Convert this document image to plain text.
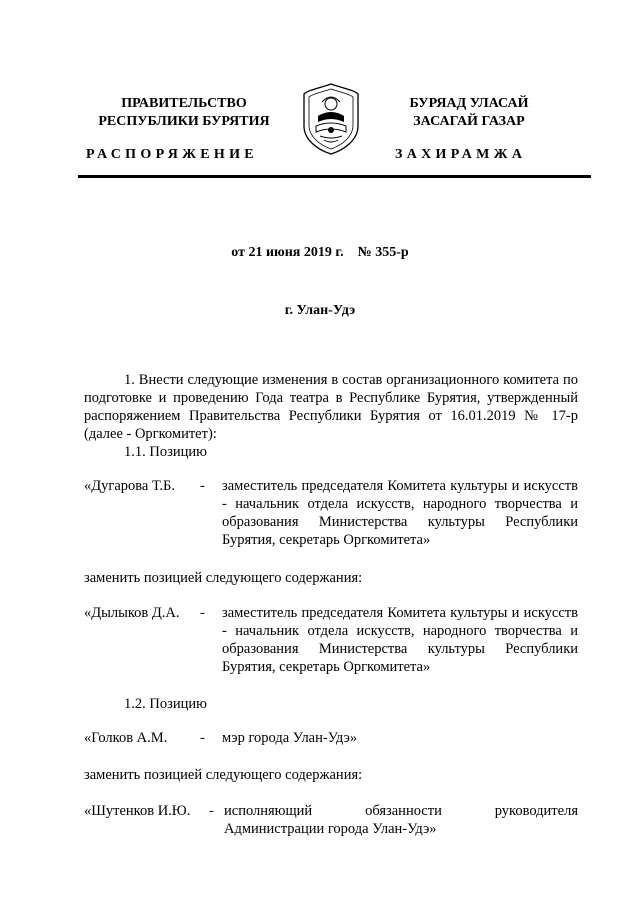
ПРАВИТЕЛЬСТВО
РЕСПУБЛИКИ БУРЯТИЯ
БУРЯАД УЛАСАЙ
ЗАСАГАЙ ГАЗАР
РАСПОРЯЖЕНИЕ	ЗАХИРАМЖА
от 21 июня 2019 г. № 355-р
г. Улан-Удэ
1. Внести следующие изменения в состав организационного комитета по подготовке и проведению Года театра в Республике Бурятия, утвержденный распоряжением Правительства Республики Бурятия от 16.01.2019 № 17-р (далее - Оргкомитет):
1.1. Позицию
«Дугарова Т.Б. - заместитель председателя Комитета культуры и искусств - начальник отдела искусств, народного творчества и образования Министерства культуры Республики Бурятия, секретарь Оргкомитета»
заменить позицией следующего содержания:
«Дылыков Д.А. - заместитель председателя Комитета культуры и искусств - начальник отдела искусств, народного творчества и образования Министерства культуры Республики Бурятия, секретарь Оргкомитета»
1.2. Позицию
«Голков А.М. - мэр города Улан-Удэ»
заменить позицией следующего содержания:
«Шутенков И.Ю. - исполняющий обязанности руководителя Администрации города Улан-Удэ»
